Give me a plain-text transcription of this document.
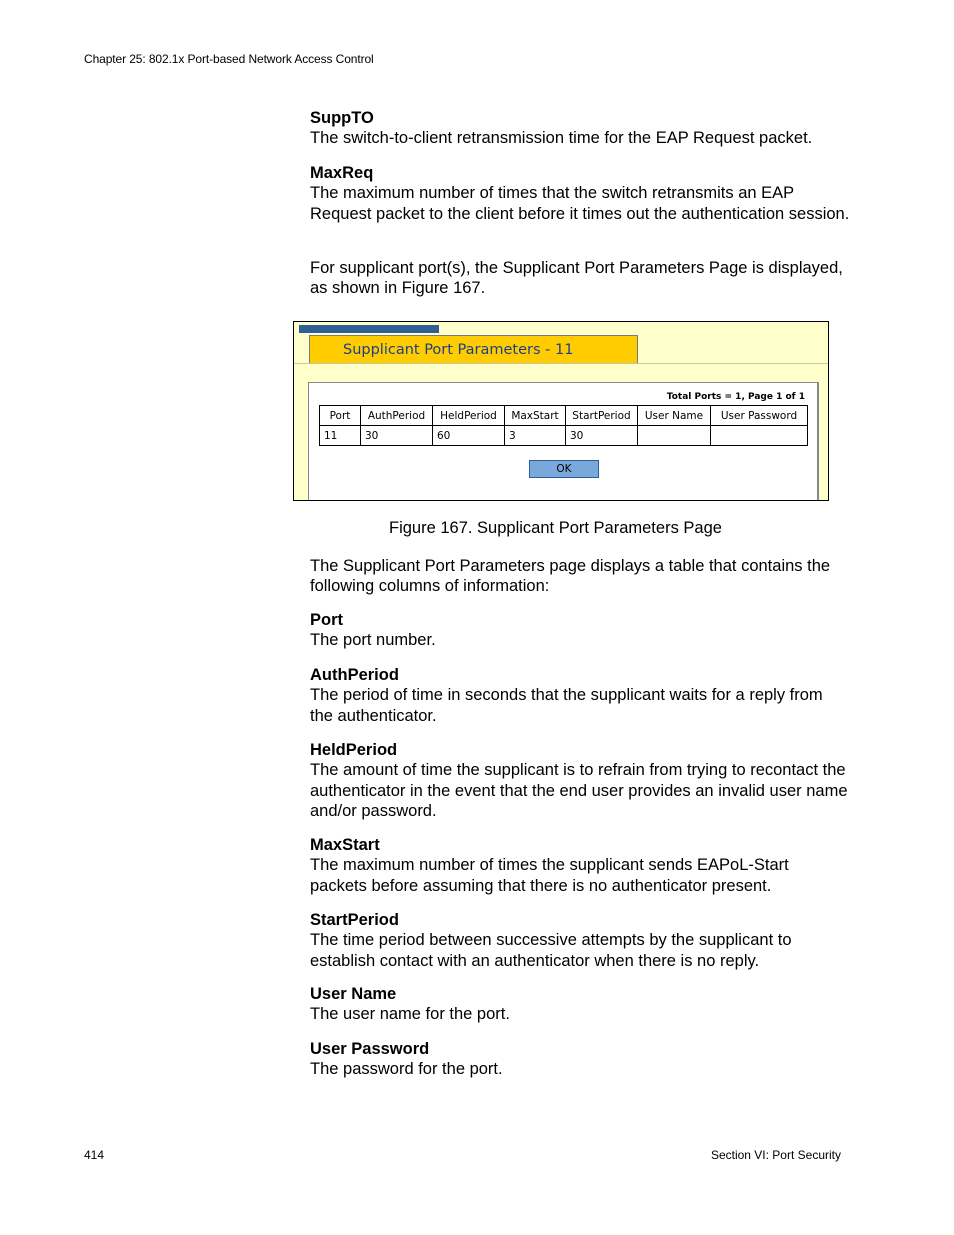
Chapter 25: 802.1x Port-based Network Access Control
SuppTO

The switch-to-client retransmission time for the EAP Request packet.

MaxReq

The maximum number of times that the switch retransmits an EAP Request packet to the client before it times out the authentication session.

For supplicant port(s), the Supplicant Port Parameters Page is displayed, as shown in Figure 167.
Supplicant Port Parameters - 11
Total Ports = 1, Page 1 of 1
Port	AuthPeriod	HeldPeriod	MaxStart	StartPeriod	User Name	User Password
11	30	60	3	30		
OK
Figure 167. Supplicant Port Parameters Page
The Supplicant Port Parameters page displays a table that contains the following columns of information:
Port

The port number.

AuthPeriod

The period of time in seconds that the supplicant waits for a reply from the authenticator.

HeldPeriod

The amount of time the supplicant is to refrain from trying to recontact the authenticator in the event that the end user provides an invalid user name and/or password.

MaxStart

The maximum number of times the supplicant sends EAPoL-Start packets before assuming that there is no authenticator present.

StartPeriod

The time period between successive attempts by the supplicant to establish contact with an authenticator when there is no reply.

User Name

The user name for the port.

User Password

The password for the port.

414	Section VI: Port Security
